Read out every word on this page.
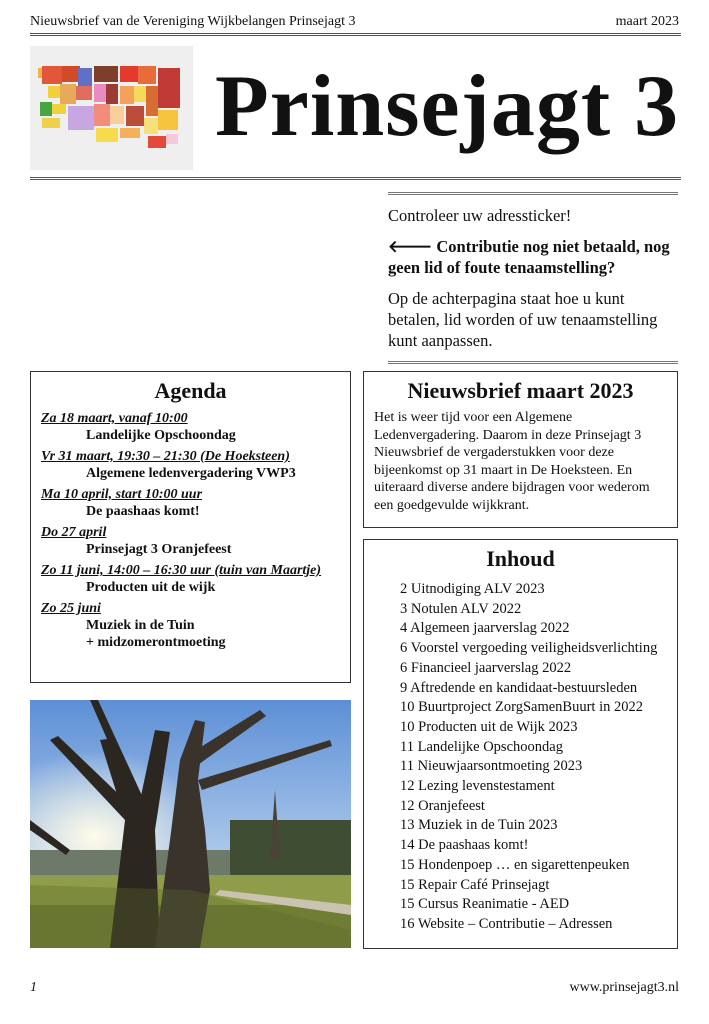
Nieuwsbrief van de Vereniging Wijkbelangen Prinsejagt 3	maart 2023
Prinsejagt 3

Controleer uw adressticker!

🡐 Contributie nog niet betaald, nog geen lid of foute tenaamstelling?

Op de achterpagina staat hoe u kunt betalen, lid worden of uw tenaamstelling kunt aanpassen.

Agenda
Za 18 maart, vanaf 10:00
Landelijke Opschoondag
Vr 31 maart, 19:30 – 21:30 (De Hoeksteen)
Algemene ledenvergadering VWP3
Ma 10 april, start 10:00 uur
De paashaas komt!
Do 27 april
Prinsejagt 3 Oranjefeest
Zo 11 juni, 14:00 – 16:30 uur (tuin van Maartje)
Producten uit de wijk
Zo 25 juni
Muziek in de Tuin
+ midzomerontmoeting
Nieuwsbrief maart 2023

Het is weer tijd voor een Algemene Ledenvergadering. Daarom in deze Prinsejagt 3 Nieuwsbrief de vergaderstukken voor deze bijeenkomst op 31 maart in De Hoeksteen. En uiteraard diverse andere bijdragen voor wederom een goedgevulde wijkkrant.

Inhoud
2 Uitnodiging ALV 2023
3 Notulen ALV 2022
4 Algemeen jaarverslag 2022
6 Voorstel vergoeding veiligheidsverlichting
6 Financieel jaarverslag 2022
9 Aftredende en kandidaat-bestuursleden
10 Buurtproject ZorgSamenBuurt in 2022
10 Producten uit de Wijk 2023
11 Landelijke Opschoondag
11 Nieuwjaarsontmoeting 2023
12 Lezing levenstestament
12 Oranjefeest
13 Muziek in de Tuin 2023
14 De paashaas komt!
15 Hondenpoep … en sigarettenpeuken
15 Repair Café Prinsejagt
15 Cursus Reanimatie - AED
16 Website – Contributie – Adressen
1	www.prinsejagt3.nl
